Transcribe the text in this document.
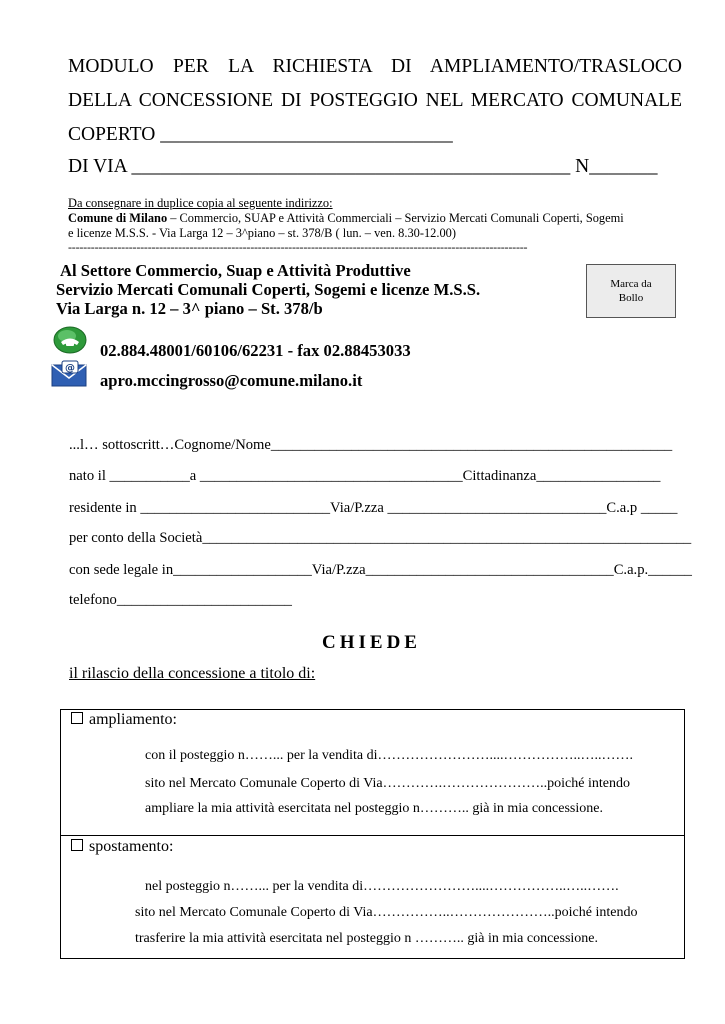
MODULO PER LA RICHIESTA DI AMPLIAMENTO/TRASLOCO
DELLA CONCESSIONE DI POSTEGGIO NEL MERCATO COMUNALE
COPERTO ______________________________
DI VIA _____________________________________________ N_______
Da consegnare in duplice copia al seguente indirizzo:
Comune di Milano – Commercio, SUAP e Attività Commerciali – Servizio Mercati Comunali Coperti, Sogemi
e licenze M.S.S. - Via Larga 12 – 3^piano – st. 378/B ( lun. – ven. 8.30-12.00)
-------------------------------------------------------------------------------------------------------------------------
Al Settore Commercio, Suap e Attività Produttive
Servizio Mercati Comunali Coperti, Sogemi e licenze M.S.S.
Via Larga n. 12 – 3^ piano – St. 378/b
Marca da
Bollo
02.884.48001/60106/62231 - fax 02.88453033
@
apro.mccingrosso@comune.milano.it
...l… sottoscritt…Cognome/Nome_______________________________________________________
nato il ___________a ____________________________________Cittadinanza_________________
residente in __________________________Via/P.zza ______________________________C.a.p _____
per conto della Società___________________________________________________________________
con sede legale in___________________Via/P.zza__________________________________C.a.p.______
telefono________________________
CHIEDE
il rilascio della concessione a titolo di:
ampliamento:
con il posteggio n……... per la vendita di……………………....……………..…..…….
sito nel Mercato Comunale Coperto di Via………….…………………..poiché intendo
ampliare la mia attività esercitata nel posteggio n……….. già in mia concessione.
spostamento:
nel posteggio n……... per la vendita di……………………....……………..…..…….
sito nel Mercato Comunale Coperto di Via……………..…………………..poiché intendo
trasferire la mia attività esercitata nel posteggio n ……….. già in mia concessione.
